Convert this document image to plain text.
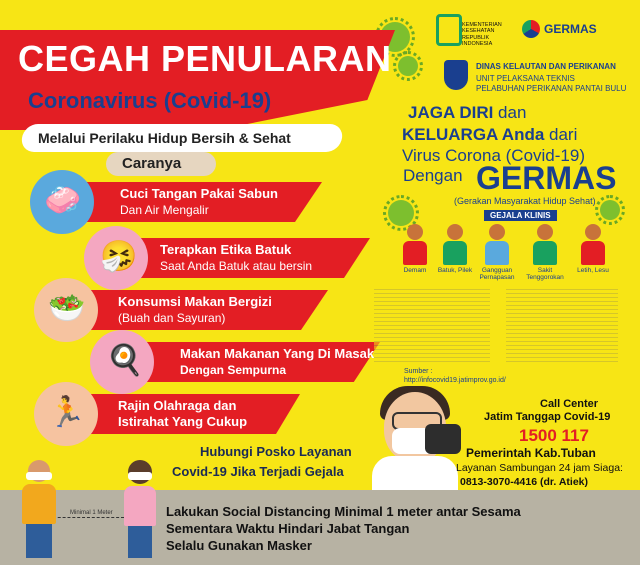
CEGAH PENULARAN
Coronavirus (Covid-19)
Melalui Perilaku Hidup Bersih & Sehat
Caranya
🧼	Cuci Tangan Pakai Sabun
Dan Air Mengalir
🤧 Terapkan Etika Batuk
Saat Anda Batuk atau bersin
🥗	Konsumsi Makan Bergizi
(Buah dan Sayuran)
🍳	Makan Makanan Yang Di Masak
Dengan Sempurna
🏃	Rajin Olahraga dan
Istirahat Yang Cukup
KEMENTERIAN KESEHATAN REPUBLIK INDONESIA
GERMAS
DINAS KELAUTAN DAN PERIKANAN
UNIT PELAKSANA TEKNIS
PELABUHAN PERIKANAN PANTAI BULU
JAGA DIRI dan
KELUARGA Anda dari
Virus Corona (Covid-19)
Dengan GERMAS
(Gerakan Masyarakat Hidup Sehat)
GEJALA KLINIS
Demam	Batuk, Pilek	Gangguan Pernapasan
Sakit Tenggorokan
Letih, Lesu
Sumber :
http://infocovid19.jatimprov.go.id/
Call Center
Jatim Tanggap Covid-19
1500 117
Pemerintah Kab.Tuban
Layanan Sambungan 24 jam Siaga:
0813-3070-4416 (dr. Atiek)
Hubungi Posko Layanan
Covid-19 Jika Terjadi Gejala
Lakukan Social Distancing Minimal 1 meter antar Sesama
Sementara Waktu Hindari Jabat Tangan
Selalu Gunakan Masker
Minimal 1 Meter
